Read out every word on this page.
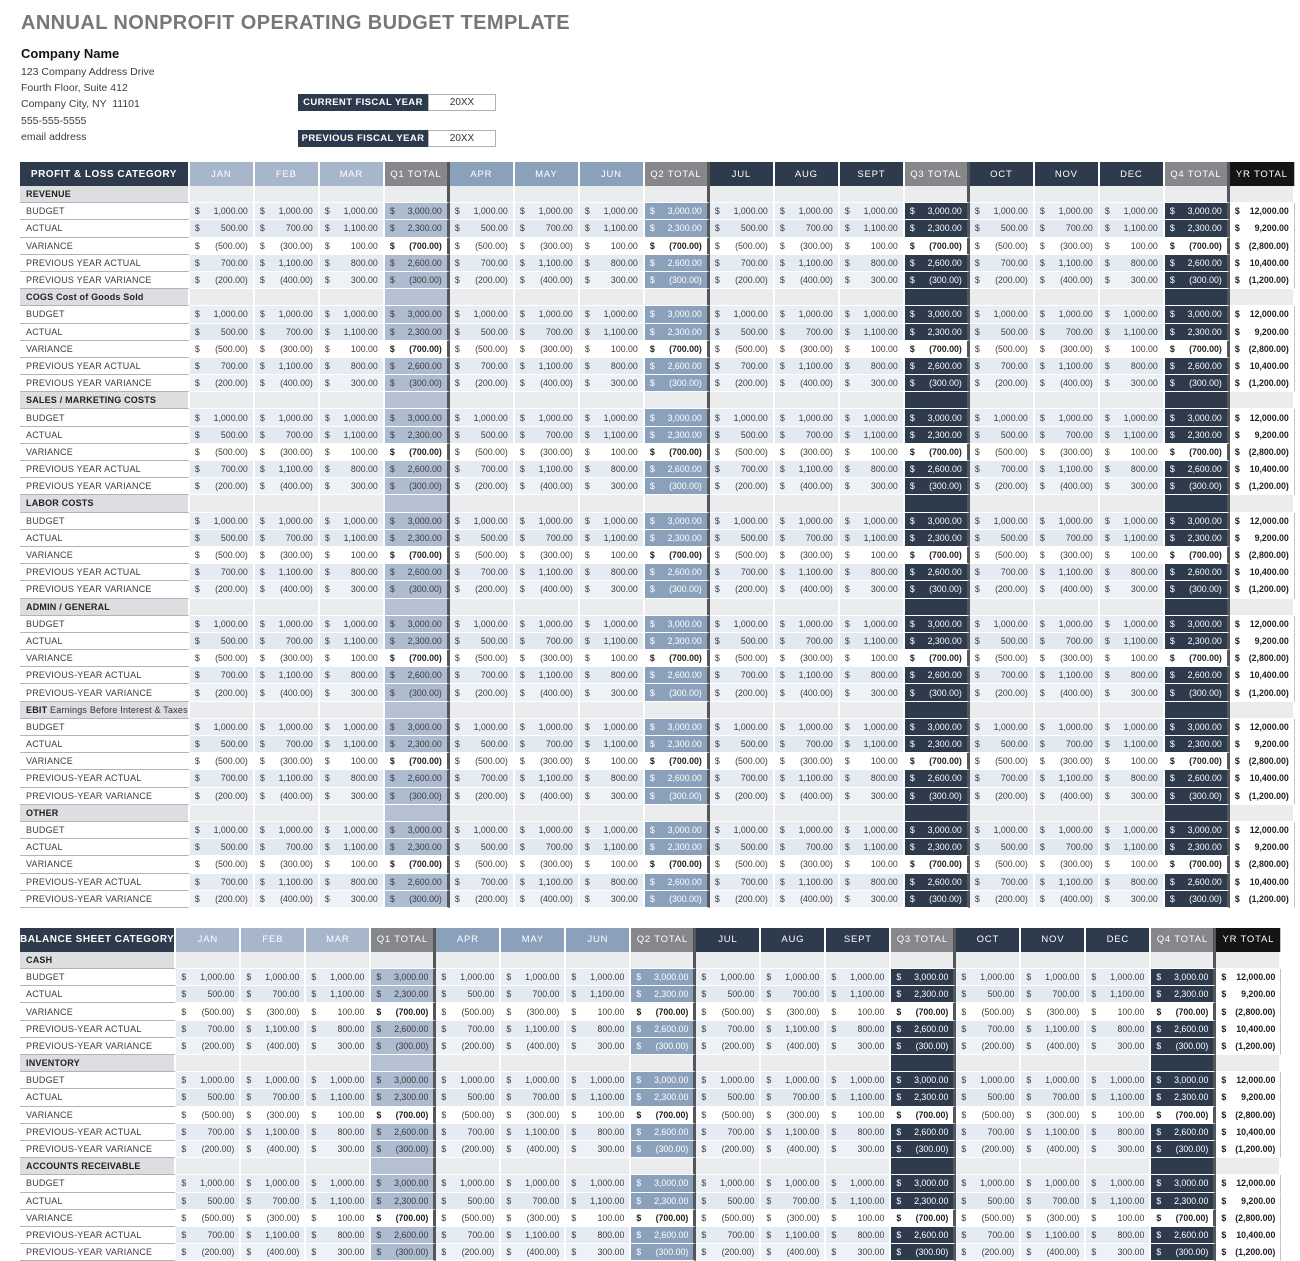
ANNUAL NONPROFIT OPERATING BUDGET TEMPLATE
Company Name
123 Company Address Drive
Fourth Floor, Suite 412
Company City, NY  11101
555-555-5555
email address
CURRENT FISCAL YEAR	20XX
PREVIOUS FISCAL YEAR	20XX
PROFIT & LOSS CATEGORY	JAN	FEB	MAR	Q1 TOTAL	APR	MAY	JUN	Q2 TOTAL	JUL	AUG	SEPT	Q3 TOTAL	OCT	NOV	DEC	Q4 TOTAL	YR TOTAL
REVENUE																	
BUDGET	$ 1,000.00	$ 1,000.00	$ 1,000.00	$ 3,000.00	$ 1,000.00	$ 1,000.00	$ 1,000.00	$ 3,000.00	$ 1,000.00	$ 1,000.00	$ 1,000.00	$ 3,000.00	$ 1,000.00	$ 1,000.00	$ 1,000.00	$ 3,000.00	$ 12,000.00

ACTUAL	$ 500.00	$ 700.00	$ 1,100.00	$ 2,300.00	$ 500.00	$ 700.00	$ 1,100.00	$ 2,300.00	$ 500.00	$ 700.00	$ 1,100.00	$ 2,300.00	$ 500.00	$ 700.00	$ 1,100.00	$ 2,300.00	$ 9,200.00

VARIANCE	$ (500.00)	$ (300.00)	$ 100.00	$ (700.00)	$ (500.00)	$ (300.00)	$ 100.00	$ (700.00)	$ (500.00)	$ (300.00)	$ 100.00	$ (700.00)	$ (500.00)	$ (300.00)	$ 100.00	$ (700.00)	$ (2,800.00)

PREVIOUS YEAR ACTUAL	$ 700.00	$ 1,100.00	$ 800.00	$ 2,600.00	$ 700.00	$ 1,100.00	$ 800.00	$ 2,600.00	$ 700.00	$ 1,100.00	$ 800.00	$ 2,600.00	$ 700.00	$ 1,100.00	$ 800.00	$ 2,600.00	$ 10,400.00

PREVIOUS YEAR VARIANCE	$ (200.00)	$ (400.00)	$ 300.00	$ (300.00)	$ (200.00)	$ (400.00)	$ 300.00	$ (300.00)	$ (200.00)	$ (400.00)	$ 300.00	$ (300.00)	$ (200.00)	$ (400.00)	$ 300.00	$ (300.00)	$ (1,200.00)

COGS Cost of Goods Sold																	
BUDGET	$ 1,000.00	$ 1,000.00	$ 1,000.00	$ 3,000.00	$ 1,000.00	$ 1,000.00	$ 1,000.00	$ 3,000.00	$ 1,000.00	$ 1,000.00	$ 1,000.00	$ 3,000.00	$ 1,000.00	$ 1,000.00	$ 1,000.00	$ 3,000.00	$ 12,000.00

ACTUAL	$ 500.00	$ 700.00	$ 1,100.00	$ 2,300.00	$ 500.00	$ 700.00	$ 1,100.00	$ 2,300.00	$ 500.00	$ 700.00	$ 1,100.00	$ 2,300.00	$ 500.00	$ 700.00	$ 1,100.00	$ 2,300.00	$ 9,200.00

VARIANCE	$ (500.00)	$ (300.00)	$ 100.00	$ (700.00)	$ (500.00)	$ (300.00)	$ 100.00	$ (700.00)	$ (500.00)	$ (300.00)	$ 100.00	$ (700.00)	$ (500.00)	$ (300.00)	$ 100.00	$ (700.00)	$ (2,800.00)

PREVIOUS YEAR ACTUAL	$ 700.00	$ 1,100.00	$ 800.00	$ 2,600.00	$ 700.00	$ 1,100.00	$ 800.00	$ 2,600.00	$ 700.00	$ 1,100.00	$ 800.00	$ 2,600.00	$ 700.00	$ 1,100.00	$ 800.00	$ 2,600.00	$ 10,400.00

PREVIOUS YEAR VARIANCE	$ (200.00)	$ (400.00)	$ 300.00	$ (300.00)	$ (200.00)	$ (400.00)	$ 300.00	$ (300.00)	$ (200.00)	$ (400.00)	$ 300.00	$ (300.00)	$ (200.00)	$ (400.00)	$ 300.00	$ (300.00)	$ (1,200.00)

SALES / MARKETING COSTS																	
BUDGET	$ 1,000.00	$ 1,000.00	$ 1,000.00	$ 3,000.00	$ 1,000.00	$ 1,000.00	$ 1,000.00	$ 3,000.00	$ 1,000.00	$ 1,000.00	$ 1,000.00	$ 3,000.00	$ 1,000.00	$ 1,000.00	$ 1,000.00	$ 3,000.00	$ 12,000.00

ACTUAL	$ 500.00	$ 700.00	$ 1,100.00	$ 2,300.00	$ 500.00	$ 700.00	$ 1,100.00	$ 2,300.00	$ 500.00	$ 700.00	$ 1,100.00	$ 2,300.00	$ 500.00	$ 700.00	$ 1,100.00	$ 2,300.00	$ 9,200.00

VARIANCE	$ (500.00)	$ (300.00)	$ 100.00	$ (700.00)	$ (500.00)	$ (300.00)	$ 100.00	$ (700.00)	$ (500.00)	$ (300.00)	$ 100.00	$ (700.00)	$ (500.00)	$ (300.00)	$ 100.00	$ (700.00)	$ (2,800.00)

PREVIOUS YEAR ACTUAL	$ 700.00	$ 1,100.00	$ 800.00	$ 2,600.00	$ 700.00	$ 1,100.00	$ 800.00	$ 2,600.00	$ 700.00	$ 1,100.00	$ 800.00	$ 2,600.00	$ 700.00	$ 1,100.00	$ 800.00	$ 2,600.00	$ 10,400.00

PREVIOUS YEAR VARIANCE	$ (200.00)	$ (400.00)	$ 300.00	$ (300.00)	$ (200.00)	$ (400.00)	$ 300.00	$ (300.00)	$ (200.00)	$ (400.00)	$ 300.00	$ (300.00)	$ (200.00)	$ (400.00)	$ 300.00	$ (300.00)	$ (1,200.00)

LABOR COSTS																	
BUDGET	$ 1,000.00	$ 1,000.00	$ 1,000.00	$ 3,000.00	$ 1,000.00	$ 1,000.00	$ 1,000.00	$ 3,000.00	$ 1,000.00	$ 1,000.00	$ 1,000.00	$ 3,000.00	$ 1,000.00	$ 1,000.00	$ 1,000.00	$ 3,000.00	$ 12,000.00

ACTUAL	$ 500.00	$ 700.00	$ 1,100.00	$ 2,300.00	$ 500.00	$ 700.00	$ 1,100.00	$ 2,300.00	$ 500.00	$ 700.00	$ 1,100.00	$ 2,300.00	$ 500.00	$ 700.00	$ 1,100.00	$ 2,300.00	$ 9,200.00

VARIANCE	$ (500.00)	$ (300.00)	$ 100.00	$ (700.00)	$ (500.00)	$ (300.00)	$ 100.00	$ (700.00)	$ (500.00)	$ (300.00)	$ 100.00	$ (700.00)	$ (500.00)	$ (300.00)	$ 100.00	$ (700.00)	$ (2,800.00)

PREVIOUS YEAR ACTUAL	$ 700.00	$ 1,100.00	$ 800.00	$ 2,600.00	$ 700.00	$ 1,100.00	$ 800.00	$ 2,600.00	$ 700.00	$ 1,100.00	$ 800.00	$ 2,600.00	$ 700.00	$ 1,100.00	$ 800.00	$ 2,600.00	$ 10,400.00

PREVIOUS YEAR VARIANCE	$ (200.00)	$ (400.00)	$ 300.00	$ (300.00)	$ (200.00)	$ (400.00)	$ 300.00	$ (300.00)	$ (200.00)	$ (400.00)	$ 300.00	$ (300.00)	$ (200.00)	$ (400.00)	$ 300.00	$ (300.00)	$ (1,200.00)

ADMIN / GENERAL																	
BUDGET	$ 1,000.00	$ 1,000.00	$ 1,000.00	$ 3,000.00	$ 1,000.00	$ 1,000.00	$ 1,000.00	$ 3,000.00	$ 1,000.00	$ 1,000.00	$ 1,000.00	$ 3,000.00	$ 1,000.00	$ 1,000.00	$ 1,000.00	$ 3,000.00	$ 12,000.00

ACTUAL	$ 500.00	$ 700.00	$ 1,100.00	$ 2,300.00	$ 500.00	$ 700.00	$ 1,100.00	$ 2,300.00	$ 500.00	$ 700.00	$ 1,100.00	$ 2,300.00	$ 500.00	$ 700.00	$ 1,100.00	$ 2,300.00	$ 9,200.00

VARIANCE	$ (500.00)	$ (300.00)	$ 100.00	$ (700.00)	$ (500.00)	$ (300.00)	$ 100.00	$ (700.00)	$ (500.00)	$ (300.00)	$ 100.00	$ (700.00)	$ (500.00)	$ (300.00)	$ 100.00	$ (700.00)	$ (2,800.00)

PREVIOUS-YEAR ACTUAL	$ 700.00	$ 1,100.00	$ 800.00	$ 2,600.00	$ 700.00	$ 1,100.00	$ 800.00	$ 2,600.00	$ 700.00	$ 1,100.00	$ 800.00	$ 2,600.00	$ 700.00	$ 1,100.00	$ 800.00	$ 2,600.00	$ 10,400.00

PREVIOUS-YEAR VARIANCE	$ (200.00)	$ (400.00)	$ 300.00	$ (300.00)	$ (200.00)	$ (400.00)	$ 300.00	$ (300.00)	$ (200.00)	$ (400.00)	$ 300.00	$ (300.00)	$ (200.00)	$ (400.00)	$ 300.00	$ (300.00)	$ (1,200.00)

EBIT Earnings Before Interest & Taxes																	
BUDGET	$ 1,000.00	$ 1,000.00	$ 1,000.00	$ 3,000.00	$ 1,000.00	$ 1,000.00	$ 1,000.00	$ 3,000.00	$ 1,000.00	$ 1,000.00	$ 1,000.00	$ 3,000.00	$ 1,000.00	$ 1,000.00	$ 1,000.00	$ 3,000.00	$ 12,000.00

ACTUAL	$ 500.00	$ 700.00	$ 1,100.00	$ 2,300.00	$ 500.00	$ 700.00	$ 1,100.00	$ 2,300.00	$ 500.00	$ 700.00	$ 1,100.00	$ 2,300.00	$ 500.00	$ 700.00	$ 1,100.00	$ 2,300.00	$ 9,200.00

VARIANCE	$ (500.00)	$ (300.00)	$ 100.00	$ (700.00)	$ (500.00)	$ (300.00)	$ 100.00	$ (700.00)	$ (500.00)	$ (300.00)	$ 100.00	$ (700.00)	$ (500.00)	$ (300.00)	$ 100.00	$ (700.00)	$ (2,800.00)

PREVIOUS-YEAR ACTUAL	$ 700.00	$ 1,100.00	$ 800.00	$ 2,600.00	$ 700.00	$ 1,100.00	$ 800.00	$ 2,600.00	$ 700.00	$ 1,100.00	$ 800.00	$ 2,600.00	$ 700.00	$ 1,100.00	$ 800.00	$ 2,600.00	$ 10,400.00

PREVIOUS-YEAR VARIANCE	$ (200.00)	$ (400.00)	$ 300.00	$ (300.00)	$ (200.00)	$ (400.00)	$ 300.00	$ (300.00)	$ (200.00)	$ (400.00)	$ 300.00	$ (300.00)	$ (200.00)	$ (400.00)	$ 300.00	$ (300.00)	$ (1,200.00)

OTHER																	
BUDGET	$ 1,000.00	$ 1,000.00	$ 1,000.00	$ 3,000.00	$ 1,000.00	$ 1,000.00	$ 1,000.00	$ 3,000.00	$ 1,000.00	$ 1,000.00	$ 1,000.00	$ 3,000.00	$ 1,000.00	$ 1,000.00	$ 1,000.00	$ 3,000.00	$ 12,000.00

ACTUAL	$ 500.00	$ 700.00	$ 1,100.00	$ 2,300.00	$ 500.00	$ 700.00	$ 1,100.00	$ 2,300.00	$ 500.00	$ 700.00	$ 1,100.00	$ 2,300.00	$ 500.00	$ 700.00	$ 1,100.00	$ 2,300.00	$ 9,200.00

VARIANCE	$ (500.00)	$ (300.00)	$ 100.00	$ (700.00)	$ (500.00)	$ (300.00)	$ 100.00	$ (700.00)	$ (500.00)	$ (300.00)	$ 100.00	$ (700.00)	$ (500.00)	$ (300.00)	$ 100.00	$ (700.00)	$ (2,800.00)

PREVIOUS-YEAR ACTUAL	$ 700.00	$ 1,100.00	$ 800.00	$ 2,600.00	$ 700.00	$ 1,100.00	$ 800.00	$ 2,600.00	$ 700.00	$ 1,100.00	$ 800.00	$ 2,600.00	$ 700.00	$ 1,100.00	$ 800.00	$ 2,600.00	$ 10,400.00

PREVIOUS-YEAR VARIANCE	$ (200.00)	$ (400.00)	$ 300.00	$ (300.00)	$ (200.00)	$ (400.00)	$ 300.00	$ (300.00)	$ (200.00)	$ (400.00)	$ 300.00	$ (300.00)	$ (200.00)	$ (400.00)	$ 300.00	$ (300.00)	$ (1,200.00)
BALANCE SHEET CATEGORY	JAN	FEB	MAR	Q1 TOTAL	APR	MAY	JUN	Q2 TOTAL	JUL	AUG	SEPT	Q3 TOTAL	OCT	NOV	DEC	Q4 TOTAL	YR TOTAL
CASH																	
BUDGET	$ 1,000.00	$ 1,000.00	$ 1,000.00	$ 3,000.00	$ 1,000.00	$ 1,000.00	$ 1,000.00	$ 3,000.00	$ 1,000.00	$ 1,000.00	$ 1,000.00	$ 3,000.00	$ 1,000.00	$ 1,000.00	$ 1,000.00	$ 3,000.00	$ 12,000.00

ACTUAL	$ 500.00	$ 700.00	$ 1,100.00	$ 2,300.00	$ 500.00	$ 700.00	$ 1,100.00	$ 2,300.00	$ 500.00	$ 700.00	$ 1,100.00	$ 2,300.00	$ 500.00	$ 700.00	$ 1,100.00	$ 2,300.00	$ 9,200.00

VARIANCE	$ (500.00)	$ (300.00)	$ 100.00	$ (700.00)	$ (500.00)	$ (300.00)	$ 100.00	$ (700.00)	$ (500.00)	$ (300.00)	$ 100.00	$ (700.00)	$ (500.00)	$ (300.00)	$ 100.00	$ (700.00)	$ (2,800.00)

PREVIOUS-YEAR ACTUAL	$ 700.00	$ 1,100.00	$ 800.00	$ 2,600.00	$ 700.00	$ 1,100.00	$ 800.00	$ 2,600.00	$ 700.00	$ 1,100.00	$ 800.00	$ 2,600.00	$ 700.00	$ 1,100.00	$ 800.00	$ 2,600.00	$ 10,400.00

PREVIOUS-YEAR VARIANCE	$ (200.00)	$ (400.00)	$ 300.00	$ (300.00)	$ (200.00)	$ (400.00)	$ 300.00	$ (300.00)	$ (200.00)	$ (400.00)	$ 300.00	$ (300.00)	$ (200.00)	$ (400.00)	$ 300.00	$ (300.00)	$ (1,200.00)

INVENTORY																	
BUDGET	$ 1,000.00	$ 1,000.00	$ 1,000.00	$ 3,000.00	$ 1,000.00	$ 1,000.00	$ 1,000.00	$ 3,000.00	$ 1,000.00	$ 1,000.00	$ 1,000.00	$ 3,000.00	$ 1,000.00	$ 1,000.00	$ 1,000.00	$ 3,000.00	$ 12,000.00

ACTUAL	$ 500.00	$ 700.00	$ 1,100.00	$ 2,300.00	$ 500.00	$ 700.00	$ 1,100.00	$ 2,300.00	$ 500.00	$ 700.00	$ 1,100.00	$ 2,300.00	$ 500.00	$ 700.00	$ 1,100.00	$ 2,300.00	$ 9,200.00

VARIANCE	$ (500.00)	$ (300.00)	$ 100.00	$ (700.00)	$ (500.00)	$ (300.00)	$ 100.00	$ (700.00)	$ (500.00)	$ (300.00)	$ 100.00	$ (700.00)	$ (500.00)	$ (300.00)	$ 100.00	$ (700.00)	$ (2,800.00)

PREVIOUS-YEAR ACTUAL	$ 700.00	$ 1,100.00	$ 800.00	$ 2,600.00	$ 700.00	$ 1,100.00	$ 800.00	$ 2,600.00	$ 700.00	$ 1,100.00	$ 800.00	$ 2,600.00	$ 700.00	$ 1,100.00	$ 800.00	$ 2,600.00	$ 10,400.00

PREVIOUS-YEAR VARIANCE	$ (200.00)	$ (400.00)	$ 300.00	$ (300.00)	$ (200.00)	$ (400.00)	$ 300.00	$ (300.00)	$ (200.00)	$ (400.00)	$ 300.00	$ (300.00)	$ (200.00)	$ (400.00)	$ 300.00	$ (300.00)	$ (1,200.00)

ACCOUNTS RECEIVABLE																	
BUDGET	$ 1,000.00	$ 1,000.00	$ 1,000.00	$ 3,000.00	$ 1,000.00	$ 1,000.00	$ 1,000.00	$ 3,000.00	$ 1,000.00	$ 1,000.00	$ 1,000.00	$ 3,000.00	$ 1,000.00	$ 1,000.00	$ 1,000.00	$ 3,000.00	$ 12,000.00

ACTUAL	$ 500.00	$ 700.00	$ 1,100.00	$ 2,300.00	$ 500.00	$ 700.00	$ 1,100.00	$ 2,300.00	$ 500.00	$ 700.00	$ 1,100.00	$ 2,300.00	$ 500.00	$ 700.00	$ 1,100.00	$ 2,300.00	$ 9,200.00

VARIANCE	$ (500.00)	$ (300.00)	$ 100.00	$ (700.00)	$ (500.00)	$ (300.00)	$ 100.00	$ (700.00)	$ (500.00)	$ (300.00)	$ 100.00	$ (700.00)	$ (500.00)	$ (300.00)	$ 100.00	$ (700.00)	$ (2,800.00)

PREVIOUS-YEAR ACTUAL	$ 700.00	$ 1,100.00	$ 800.00	$ 2,600.00	$ 700.00	$ 1,100.00	$ 800.00	$ 2,600.00	$ 700.00	$ 1,100.00	$ 800.00	$ 2,600.00	$ 700.00	$ 1,100.00	$ 800.00	$ 2,600.00	$ 10,400.00

PREVIOUS-YEAR VARIANCE	$ (200.00)	$ (400.00)	$ 300.00	$ (300.00)	$ (200.00)	$ (400.00)	$ 300.00	$ (300.00)	$ (200.00)	$ (400.00)	$ 300.00	$ (300.00)	$ (200.00)	$ (400.00)	$ 300.00	$ (300.00)	$ (1,200.00)
